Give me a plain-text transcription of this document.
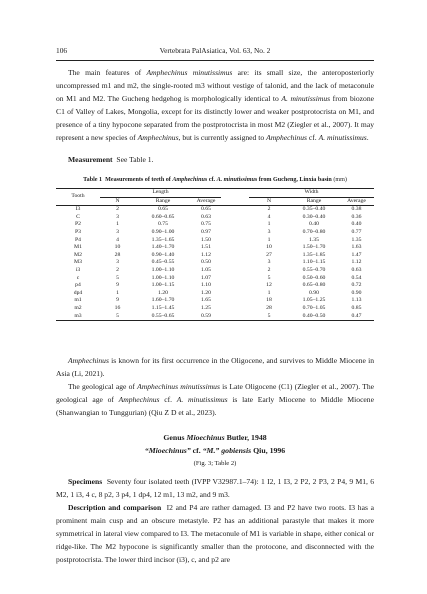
106	Vertebrata PalAsiatica, Vol. 63, No. 2

The main features of Amphechinus minutissimus are: its small size, the anteroposteriorly uncompressed m1 and m2, the single-rooted m3 without vestige of talonid, and the lack of metaconule on M1 and M2. The Gucheng hedgehog is morphologically identical to A. minutissimus from biozone C1 of Valley of Lakes, Mongolia, except for its distinctly lower and weaker postprotocrista on M1, and presence of a tiny hypocone separated from the postprotocrista in most M2 (Ziegler et al., 2007). It may represent a new species of Amphechinus, but is currently assigned to Amphechinus cf. A. minutissimus.

Measurement See Table 1.
Table 1 Measurements of teeth of Amphechinus cf. A. minutissimus from Gucheng, Linxia basin (mm)
Tooth	Length				Width		
	N	Range	Average		N	Range	Average
I3	2	0.65	0.65		2	0.35–0.40	0.38
C	3	0.60–0.65	0.63		4	0.30–0.40	0.36
P2	1	0.75	0.75		1	0.40	0.40
P3	3	0.90–1.00	0.97		3	0.70–0.80	0.77
P4	4	1.35–1.65	1.50		1	1.35	1.35
M1	10	1.40–1.70	1.51		10	1.50–1.70	1.63
M2	28	0.90–1.40	1.12		27	1.35–1.85	1.47
M3	3	0.45–0.55	0.50		3	1.10–1.15	1.12
i3	2	1.00–1.10	1.05		2	0.55–0.70	0.63
c	5	1.00–1.10	1.07		5	0.50–0.60	0.54
p4	9	1.00–1.15	1.10		12	0.65–0.80	0.72
dp4	1	1.20	1.20		1	0.90	0.90
m1	9	1.60–1.70	1.65		18	1.05–1.25	1.13
m2	16	1.15–1.45	1.25		28	0.70–1.05	0.85
m3	5	0.55–0.65	0.59		5	0.40–0.50	0.47

Amphechinus is known for its first occurrence in the Oligocene, and survives to Middle Miocene in Asia (Li, 2021).

The geological age of Amphechinus minutissimus is Late Oligocene (C1) (Ziegler et al., 2007). The geological age of Amphechinus cf. A. minutissimus is late Early Miocene to Middle Miocene (Shanwangian to Tunggurian) (Qiu Z D et al., 2023).

Genus Mioechinus Butler, 1948
“Mioechinus” cf. “M.” gobiensis Qiu, 1996
(Fig. 3; Table 2)

Specimens Seventy four isolated teeth (IVPP V32987.1–74): 1 I2, 1 I3, 2 P2, 2 P3, 2 P4, 9 M1, 6 M2, 1 i3, 4 c, 8 p2, 3 p4, 1 dp4, 12 m1, 13 m2, and 9 m3.

Description and comparison I2 and P4 are rather damaged. I3 and P2 have two roots. I3 has a prominent main cusp and an obscure metastyle. P2 has an additional parastyle that makes it more symmetrical in lateral view compared to I3. The metaconule of M1 is variable in shape, either conical or ridge-like. The M2 hypocone is significantly smaller than the protocone, and disconnected with the postprotocrista. The lower third incisor (i3), c, and p2 are
